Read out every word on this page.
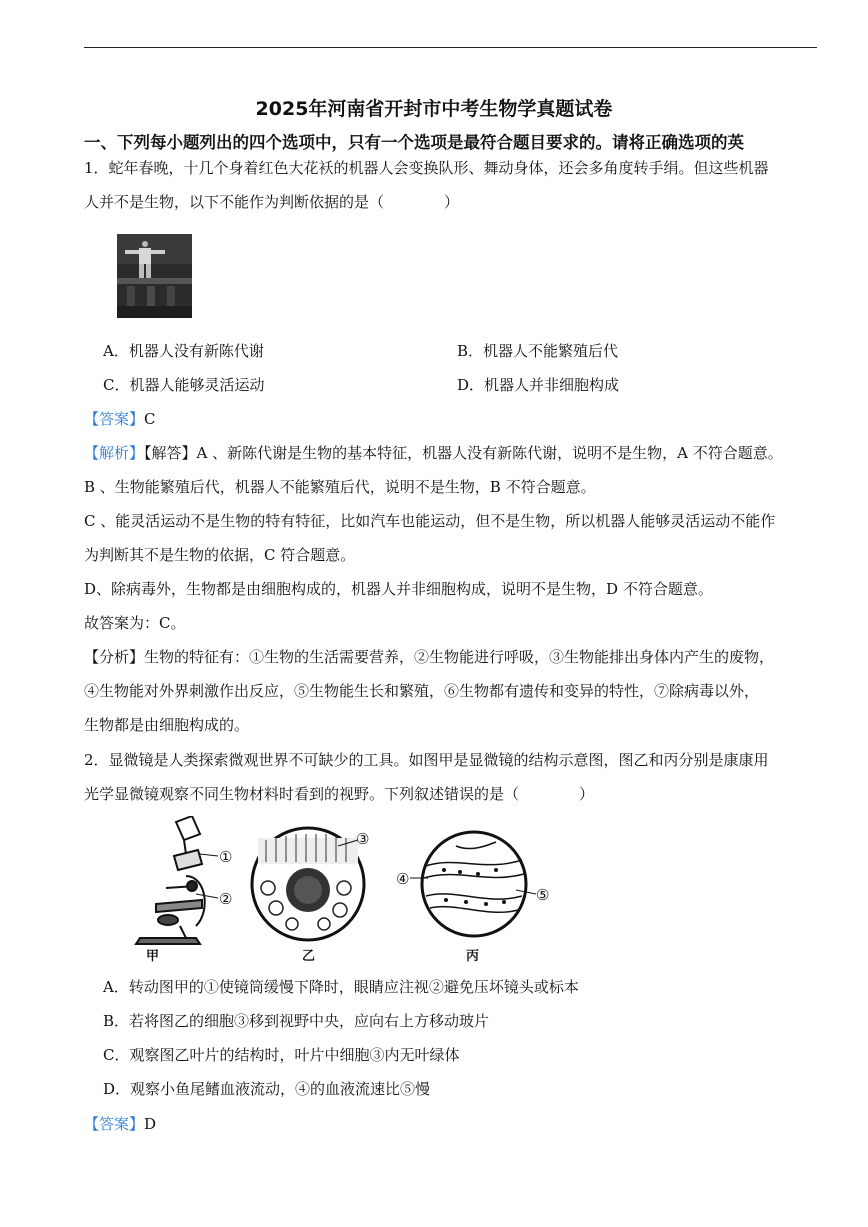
2025年河南省开封市中考生物学真题试卷
一、下列每小题列出的四个选项中，只有一个选项是最符合题目要求的。请将正确选项的英
1．蛇年春晚，十几个身着红色大花袄的机器人会变换队形、舞动身体，还会多角度转手绢。但这些机器
人并不是生物，以下不能作为判断依据的是（	）
A．机器人没有新陈代谢	B．机器人不能繁殖后代
C．机器人能够灵活运动	D．机器人并非细胞构成
【答案】C
【解析】【解答】A 、新陈代谢是生物的基本特征，机器人没有新陈代谢，说明不是生物，A 不符合题意。
B 、生物能繁殖后代，机器人不能繁殖后代，说明不是生物，B 不符合题意。
C 、能灵活运动不是生物的特有特征，比如汽车也能运动，但不是生物，所以机器人能够灵活运动不能作
为判断其不是生物的依据，C 符合题意。
D、除病毒外，生物都是由细胞构成的，机器人并非细胞构成，说明不是生物，D 不符合题意。
故答案为：C。
【分析】生物的特征有：①生物的生活需要营养，②生物能进行呼吸，③生物能排出身体内产生的废物，
④生物能对外界刺激作出反应，⑤生物能生长和繁殖，⑥生物都有遗传和变异的特性，⑦除病毒以外，
生物都是由细胞构成的。
2．显微镜是人类探索微观世界不可缺少的工具。如图甲是显微镜的结构示意图，图乙和丙分别是康康用
光学显微镜观察不同生物材料时看到的视野。下列叙述错误的是（	）
①
②
甲
③
乙
④
⑤
丙
A．转动图甲的①使镜筒缓慢下降时，眼睛应注视②避免压坏镜头或标本
B．若将图乙的细胞③移到视野中央，应向右上方移动玻片
C．观察图乙叶片的结构时，叶片中细胞③内无叶绿体
D．观察小鱼尾鳍血液流动，④的血液流速比⑤慢
【答案】D
